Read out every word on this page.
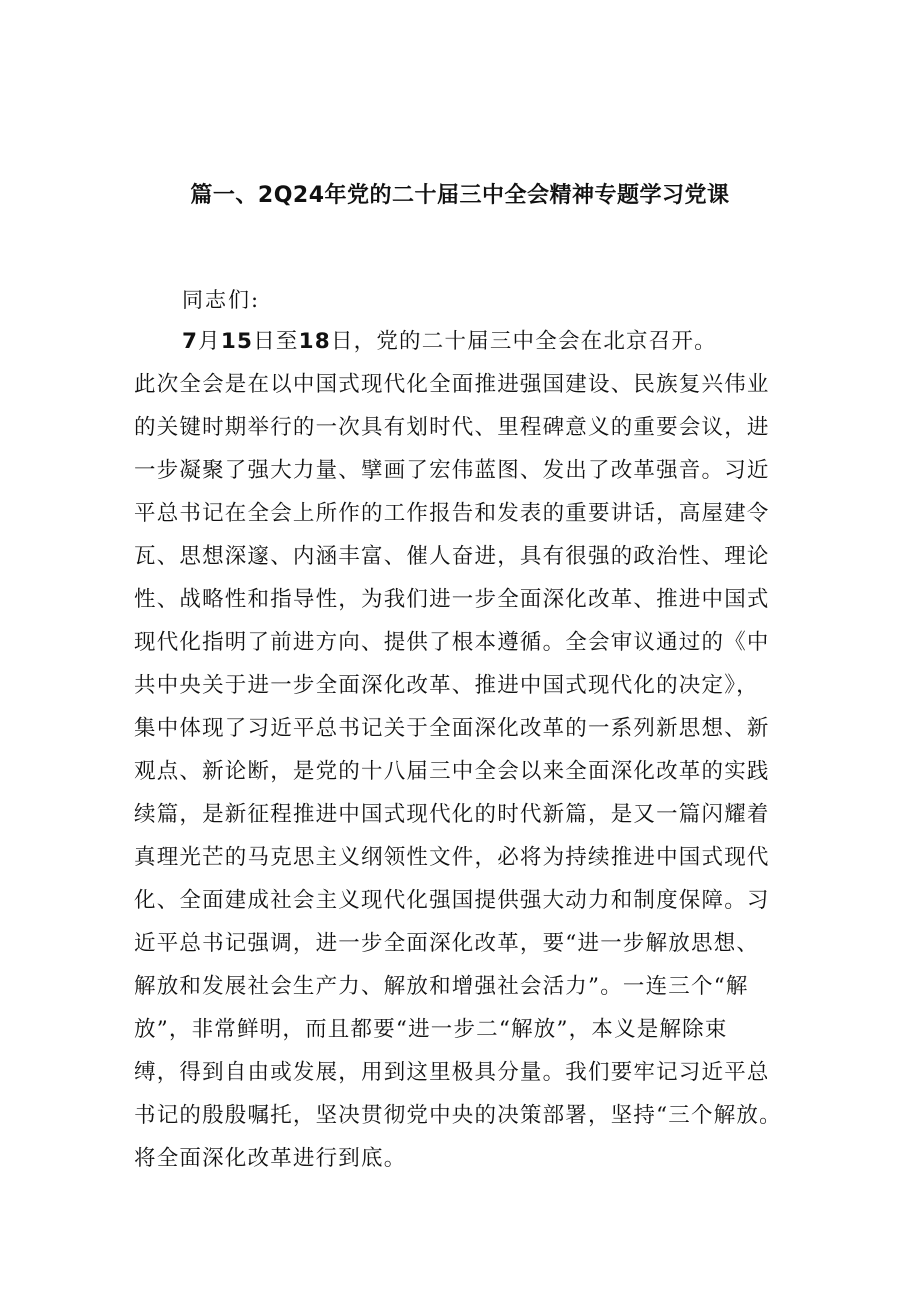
篇一、2Q24年党的二十届三中全会精神专题学习党课
同志们:
7月15日至18日，党的二十届三中全会在北京召开。
此次全会是在以中国式现代化全面推进强国建设、民族复兴伟业
的关键时期举行的一次具有划时代、里程碑意义的重要会议，进
一步凝聚了强大力量、擘画了宏伟蓝图、发出了改革强音。习近
平总书记在全会上所作的工作报告和发表的重要讲话，高屋建令
瓦、思想深邃、内涵丰富、催人奋进，具有很强的政治性、理论
性、战略性和指导性，为我们进一步全面深化改革、推进中国式
现代化指明了前进方向、提供了根本遵循。全会审议通过的《中
共中央关于进一步全面深化改革、推进中国式现代化的决定》，
集中体现了习近平总书记关于全面深化改革的一系列新思想、新
观点、新论断，是党的十八届三中全会以来全面深化改革的实践
续篇，是新征程推进中国式现代化的时代新篇，是又一篇闪耀着
真理光芒的马克思主义纲领性文件，必将为持续推进中国式现代
化、全面建成社会主义现代化强国提供强大动力和制度保障。习
近平总书记强调，进一步全面深化改革，要“进一步解放思想、
解放和发展社会生产力、解放和增强社会活力”。一连三个“解
放”，非常鲜明，而且都要“进一步二“解放”，本义是解除束
缚，得到自由或发展，用到这里极具分量。我们要牢记习近平总
书记的殷殷嘱托，坚决贯彻党中央的决策部署，坚持“三个解放。
将全面深化改革进行到底。
